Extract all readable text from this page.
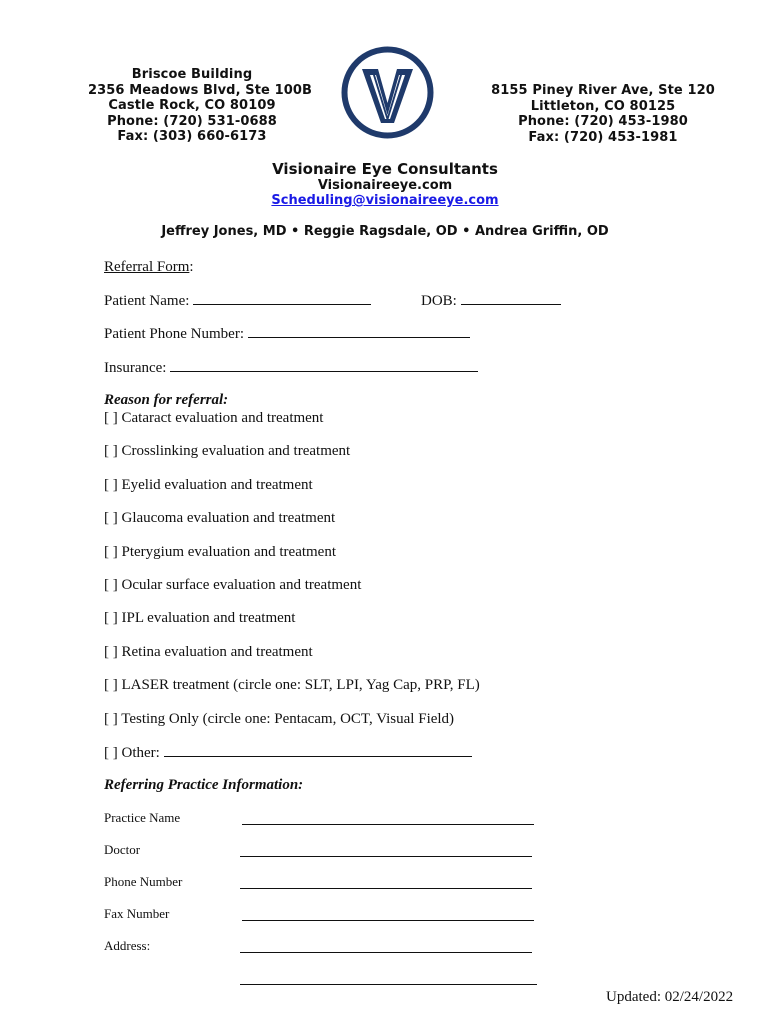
Briscoe Building
2356 Meadows Blvd, Ste 100B
Castle Rock, CO 80109
Phone: (720) 531-0688
Fax: (303) 660-6173
8155 Piney River Ave, Ste 120
Littleton, CO 80125
Phone: (720) 453-1980
Fax: (720) 453-1981
Visionaire Eye Consultants
Visionaireeye.com
Scheduling@visionaireeye.com
Jeffrey Jones, MD • Reggie Ragsdale, OD • Andrea Griffin, OD
Referral Form:
Patient Name:	DOB:
Patient Phone Number:
Insurance:
Reason for referral:
[ ] Cataract evaluation and treatment
[ ] Crosslinking evaluation and treatment
[ ] Eyelid evaluation and treatment
[ ] Glaucoma evaluation and treatment
[ ] Pterygium evaluation and treatment
[ ] Ocular surface evaluation and treatment
[ ] IPL evaluation and treatment
[ ] Retina evaluation and treatment
[ ] LASER treatment (circle one: SLT, LPI, Yag Cap, PRP, FL)
[ ] Testing Only (circle one: Pentacam, OCT, Visual Field)
[ ] Other:
Referring Practice Information:
Practice Name
Doctor
Phone Number
Fax Number
Address:
Updated: 02/24/2022
